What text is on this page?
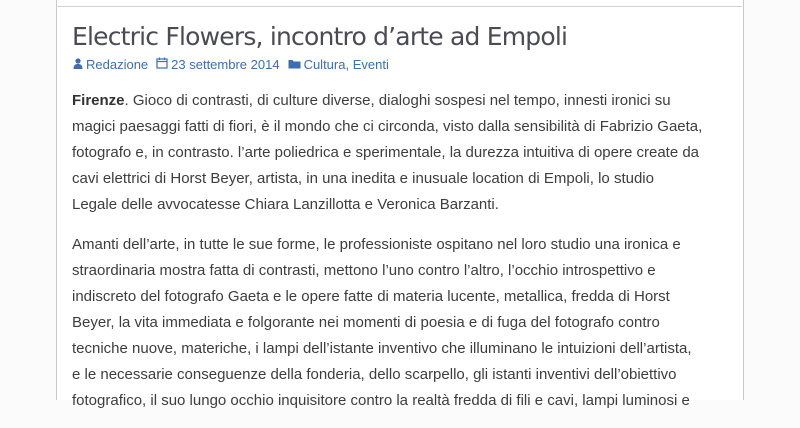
Electric Flowers, incontro d’arte ad Empoli
Redazione 23 settembre 2014 Cultura ,
Eventi

Firenze. Gioco di contrasti, di culture diverse, dialoghi sospesi nel tempo, innesti ironici su
magici paesaggi fatti di fiori, è il mondo che ci circonda, visto dalla sensibilità di Fabrizio Gaeta,
fotografo e, in contrasto. l’arte poliedrica e sperimentale, la durezza intuitiva di opere create da
cavi elettrici di Horst Beyer, artista, in una inedita e inusuale location di Empoli, lo studio
Legale delle avvocatesse Chiara Lanzillotta e Veronica Barzanti.

Amanti dell’arte, in tutte le sue forme, le professioniste ospitano nel loro studio una ironica e
straordinaria mostra fatta di contrasti, mettono l’uno contro l’altro, l’occhio introspettivo e
indiscreto del fotografo Gaeta e le opere fatte di materia lucente, metallica, fredda di Horst
Beyer, la vita immediata e folgorante nei momenti di poesia e di fuga del fotografo contro
tecniche nuove, materiche, i lampi dell’istante inventivo che illuminano le intuizioni dell’artista,
e le necessarie conseguenze della fonderia, dello scarpello, gli istanti inventivi dell’obiettivo
fotografico, il suo lungo occhio inquisitore contro la realtà fredda di fili e cavi, lampi luminosi e
